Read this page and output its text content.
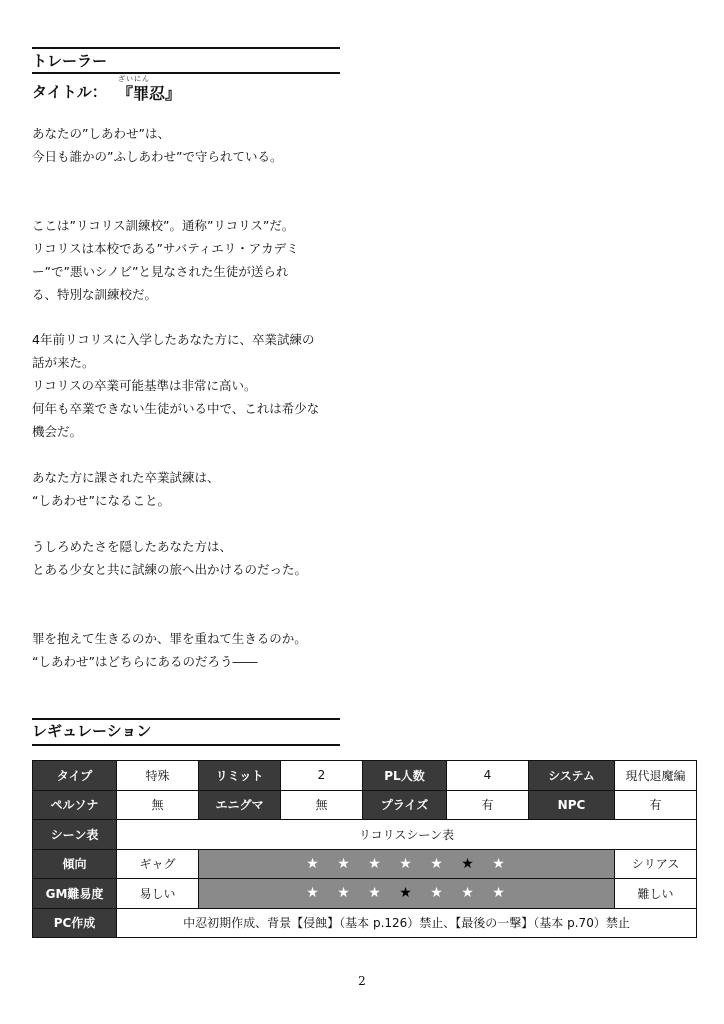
トレーラー
タイトル：
ざいにん
『罪忍』
あなたの”しあわせ”は、
今日も誰かの”ふしあわせ”で守られている。
ここは”リコリス訓練校”。通称”リコリス”だ。
リコリスは本校である”サバティエリ・アカデミ
ー”で”悪いシノビ”と見なされた生徒が送られ
る、特別な訓練校だ。
4年前リコリスに入学したあなた方に、卒業試練の
話が来た。
リコリスの卒業可能基準は非常に高い。
何年も卒業できない生徒がいる中で、これは希少な
機会だ。
あなた方に課された卒業試練は、
“しあわせ”になること。
うしろめたさを隠したあなた方は、
とある少女と共に試練の旅へ出かけるのだった。
罪を抱えて生きるのか、罪を重ねて生きるのか。
“しあわせ”はどちらにあるのだろう――
レギュレーション
タイプ	特殊	リミット	2	PL人数	4	システム	現代退魔編
ペルソナ	無	エニグマ	無	プライズ	有	NPC	有
シーン表	リコリスシーン表						
傾向	ギャグ	★ ★ ★ ★ ★ ★ ★					シリアス
GM難易度	易しい	★ ★ ★ ★ ★ ★ ★					難しい
PC作成	中忍初期作成、背景【侵蝕】（基本 p.126）禁止、【最後の一撃】（基本 p.70）禁止						
2
